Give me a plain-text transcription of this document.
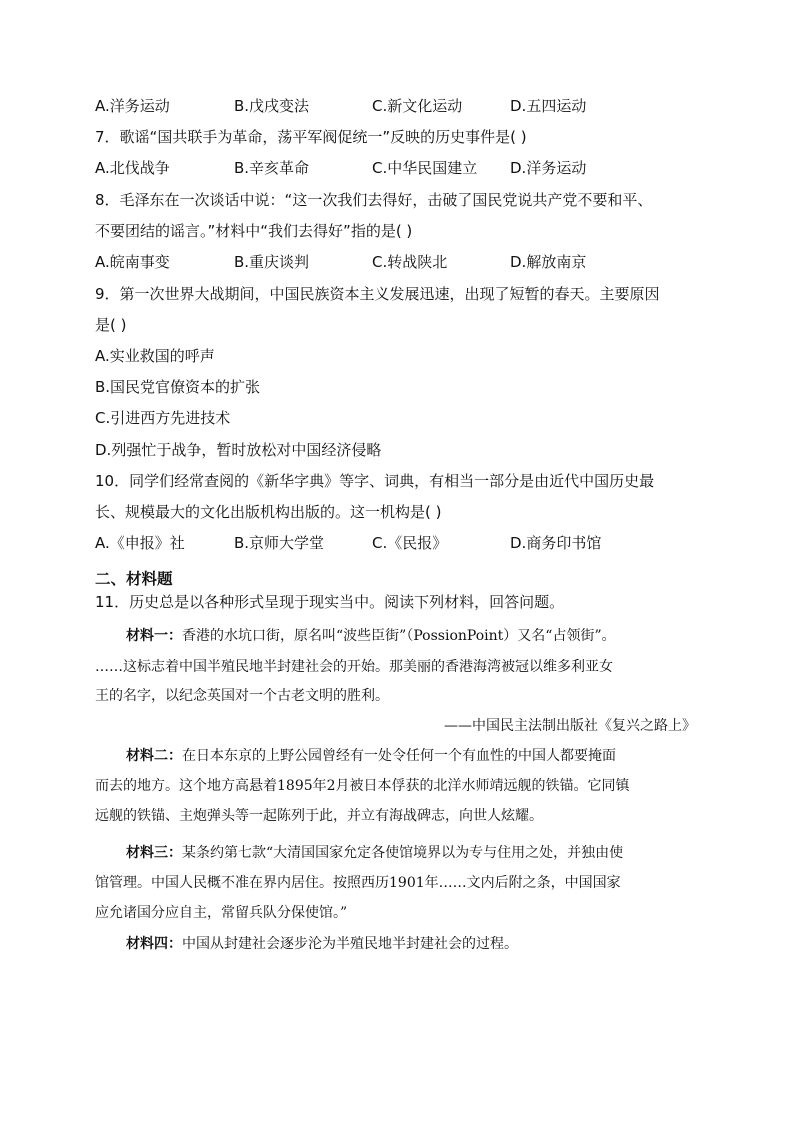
A.洋务运动	B.戊戌变法	C.新文化运动	D.五四运动
7．歌谣“国共联手为革命，荡平军阀促统一”反映的历史事件是( )
A.北伐战争	B.辛亥革命	C.中华民国建立	D.洋务运动
8．毛泽东在一次谈话中说：“这一次我们去得好，击破了国民党说共产党不要和平、
不要团结的谣言。”材料中“我们去得好”指的是( )
A.皖南事变	B.重庆谈判	C.转战陕北	D.解放南京
9．第一次世界大战期间，中国民族资本主义发展迅速，出现了短暂的春天。主要原因
是( )
A.实业救国的呼声
B.国民党官僚资本的扩张
C.引进西方先进技术
D.列强忙于战争，暂时放松对中国经济侵略
10．同学们经常查阅的《新华字典》等字、词典，有相当一部分是由近代中国历史最
长、规模最大的文化出版机构出版的。这一机构是( )
A.《申报》社	B.京师大学堂	C.《民报》	D.商务印书馆
二、材料题
11．历史总是以各种形式呈现于现实当中。阅读下列材料，回答问题。
材料一：香港的水坑口街，原名叫“波些臣街”（PossionPoint）又名“占领街”。
……这标志着中国半殖民地半封建社会的开始。那美丽的香港海湾被冠以维多利亚女
王的名字，以纪念英国对一个古老文明的胜利。
——中国民主法制出版社《复兴之路上》
材料二：在日本东京的上野公园曾经有一处令任何一个有血性的中国人都要掩面
而去的地方。这个地方高悬着1895年2月被日本俘获的北洋水师靖远舰的铁锚。它同镇
远舰的铁锚、主炮弹头等一起陈列于此，并立有海战碑志，向世人炫耀。
材料三：某条约第七款“大清国国家允定各使馆境界以为专与住用之处，并独由使
馆管理。中国人民概不准在界内居住。按照西历1901年……文内后附之条，中国国家
应允诸国分应自主，常留兵队分保使馆。”
材料四：中国从封建社会逐步沦为半殖民地半封建社会的过程。
